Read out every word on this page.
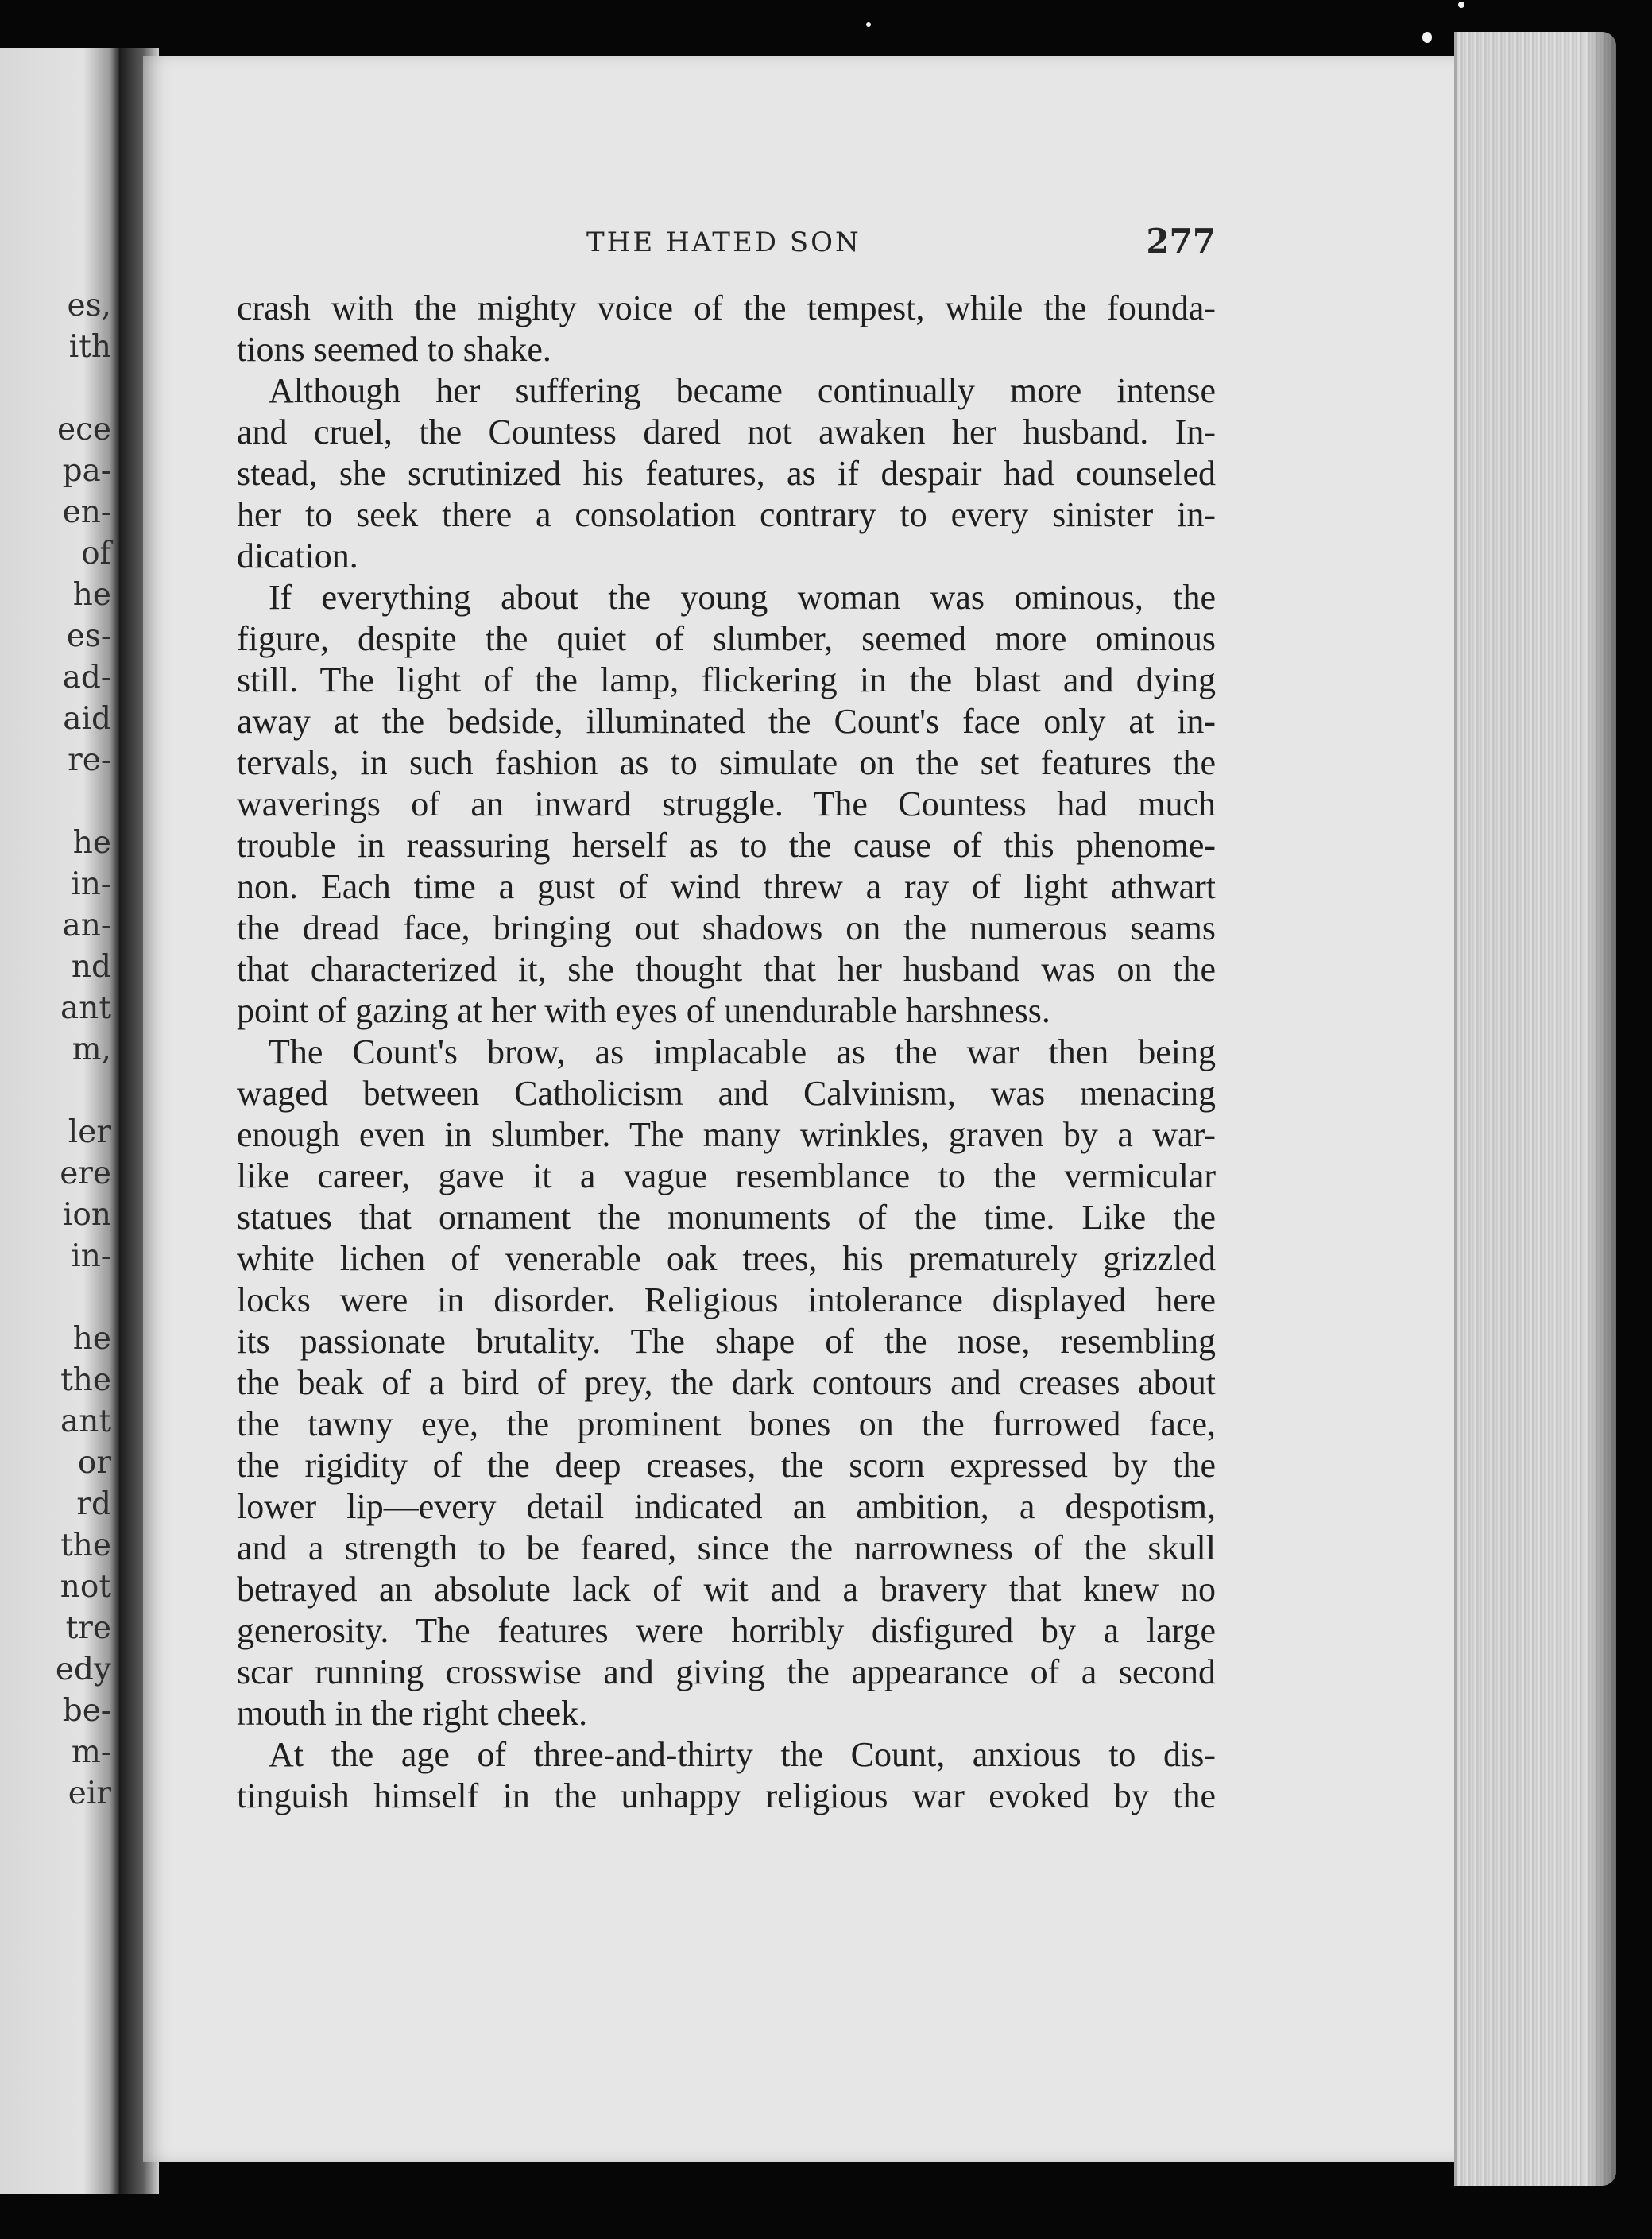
es,
ith
ece
pa-
en-
of
he
es-
ad-
aid
re-
he
in-
an-
nd
ant
m,
ler
ere
ion
in-
he
the
ant
or
rd
the
not
tre
edy
be-
m-
eir
THE HATED SON	277
crash with the mighty voice of the tempest, while the founda-
tions seemed to shake.
Although her suffering became continually more intense
and cruel, the Countess dared not awaken her husband. In-
stead, she scrutinized his features, as if despair had counseled
her to seek there a consolation contrary to every sinister in-
dication.
If everything about the young woman was ominous, the
figure, despite the quiet of slumber, seemed more ominous
still. The light of the lamp, flickering in the blast and dying
away at the bedside, illuminated the Count's face only at in-
tervals, in such fashion as to simulate on the set features the
waverings of an inward struggle. The Countess had much
trouble in reassuring herself as to the cause of this phenome-
non. Each time a gust of wind threw a ray of light athwart
the dread face, bringing out shadows on the numerous seams
that characterized it, she thought that her husband was on the
point of gazing at her with eyes of unendurable harshness.
The Count's brow, as implacable as the war then being
waged between Catholicism and Calvinism, was menacing
enough even in slumber. The many wrinkles, graven by a war-
like career, gave it a vague resemblance to the vermicular
statues that ornament the monuments of the time. Like the
white lichen of venerable oak trees, his prematurely grizzled
locks were in disorder. Religious intolerance displayed here
its passionate brutality. The shape of the nose, resembling
the beak of a bird of prey, the dark contours and creases about
the tawny eye, the prominent bones on the furrowed face,
the rigidity of the deep creases, the scorn expressed by the
lower lip—every detail indicated an ambition, a despotism,
and a strength to be feared, since the narrowness of the skull
betrayed an absolute lack of wit and a bravery that knew no
generosity. The features were horribly disfigured by a large
scar running crosswise and giving the appearance of a second
mouth in the right cheek.
At the age of three-and-thirty the Count, anxious to dis-
tinguish himself in the unhappy religious war evoked by the
